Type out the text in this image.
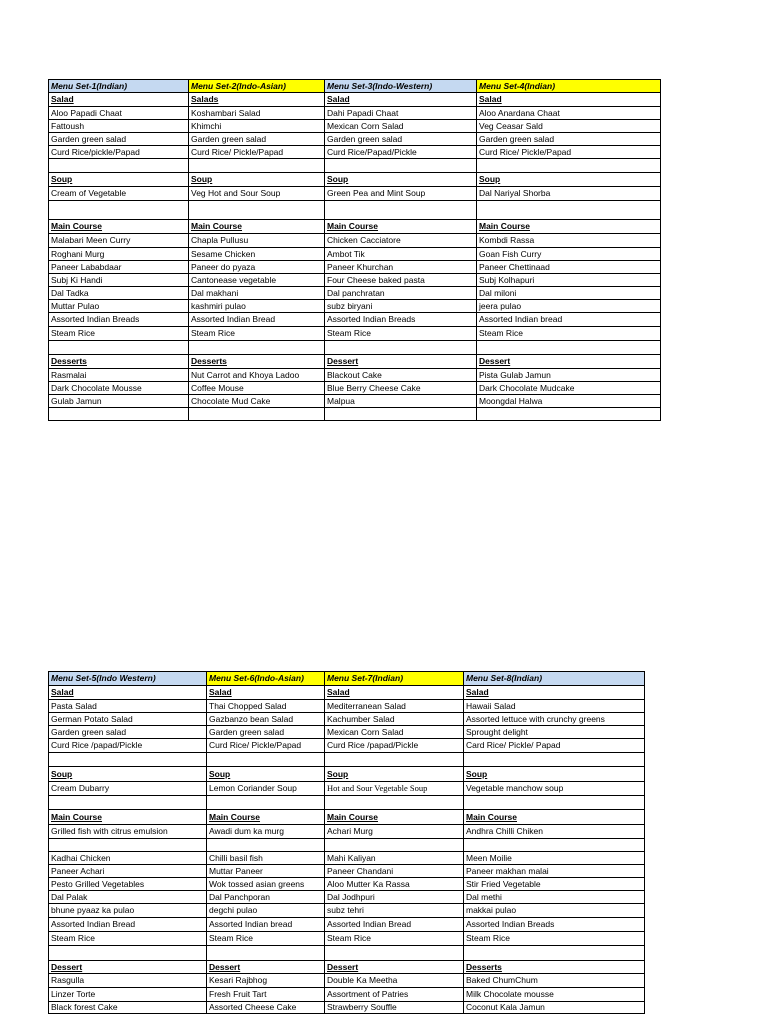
Menu Set-1(Indian)	Menu Set-2(Indo-Asian)	Menu Set-3(Indo-Western)	Menu Set-4(Indian)
Salad	Salads	Salad	Salad
Aloo Papadi Chaat	Koshambari Salad	Dahi Papadi Chaat	Aloo Anardana Chaat
Fattoush	Khimchi	Mexican Corn Salad	Veg Ceasar Sald
Garden green salad	Garden green salad	Garden green salad	Garden green salad
Curd Rice/pickle/Papad	Curd Rice/ Pickle/Papad	Curd Rice/Papad/Pickle	Curd Rice/ Pickle/Papad

Soup	Soup	Soup	Soup
Cream of Vegetable	Veg Hot and Sour Soup	Green Pea and Mint Soup	Dal Nariyal Shorba

Main Course	Main Course	Main Course	Main Course
Malabari Meen Curry	Chapla Pullusu	Chicken Cacciatore	Kombdi Rassa
Roghani Murg	Sesame Chicken	Ambot Tik	Goan Fish Curry
Paneer Lababdaar	Paneer do pyaza	Paneer Khurchan	Paneer Chettinaad
Subj Ki Handi	Cantonease vegetable	Four Cheese baked pasta	Subj Kolhapuri
Dal Tadka	Dal makhani	Dal panchratan	Dal miloni
Muttar Pulao	kashmiri pulao	subz biryani	jeera pulao
Assorted Indian Breads	Assorted Indian Bread	Assorted Indian Breads	Assorted Indian bread
Steam Rice	Steam Rice	Steam Rice	Steam Rice

Desserts	Desserts	Dessert	Dessert
Rasmalai	Nut Carrot and Khoya Ladoo	Blackout Cake	Pista Gulab Jamun
Dark Chocolate Mousse	Coffee Mouse	Blue Berry Cheese Cake	Dark Chocolate Mudcake
Gulab Jamun	Chocolate Mud Cake	Malpua	Moongdal Halwa

Menu Set-5(Indo Western)	Menu Set-6(Indo-Asian)	Menu Set-7(Indian)	Menu Set-8(Indian)
Salad	Salad	Salad	Salad
Pasta Salad	Thai Chopped Salad	Mediterranean Salad	Hawaii Salad
German Potato Salad	Gazbanzo bean Salad	Kachumber Salad	Assorted lettuce with crunchy greens
Garden green salad	Garden green salad	Mexican Corn Salad	Sprought delight
Curd Rice /papad/Pickle	Curd Rice/ Pickle/Papad	Curd Rice /papad/Pickle	Card Rice/ Pickle/ Papad

Soup	Soup	Soup	Soup
Cream Dubarry	Lemon Coriander Soup	Hot and Sour Vegetable Soup	Vegetable manchow soup

Main Course	Main Course	Main Course	Main Course
Grilled fish with citrus emulsion	Awadi dum ka murg	Achari Murg	Andhra Chilli Chiken

Kadhai Chicken	Chilli basil fish	Mahi Kaliyan	Meen Moilie
Paneer Achari	Muttar Paneer	Paneer Chandani	Paneer makhan malai
Pesto Grilled Vegetables	Wok tossed asian greens	Aloo Mutter Ka Rassa	Stir Fried Vegetable
Dal Palak	Dal Panchporan	Dal Jodhpuri	Dal methi
bhune pyaaz ka pulao	degchi pulao	subz tehri	makkai pulao
Assorted Indian Bread	Assorted Indian bread	Assorted Indian Bread	Assorted Indian Breads
Steam Rice	Steam Rice	Steam Rice	Steam Rice

Dessert	Dessert	Dessert	Desserts
Rasgulla	Kesari Rajbhog	Double Ka Meetha	Baked ChumChum
Linzer Torte	Fresh Fruit Tart	Assortment of Patries	Milk Chocolate mousse
Black forest Cake	Assorted Cheese Cake	Strawberry Souffle	Coconut Kala Jamun
